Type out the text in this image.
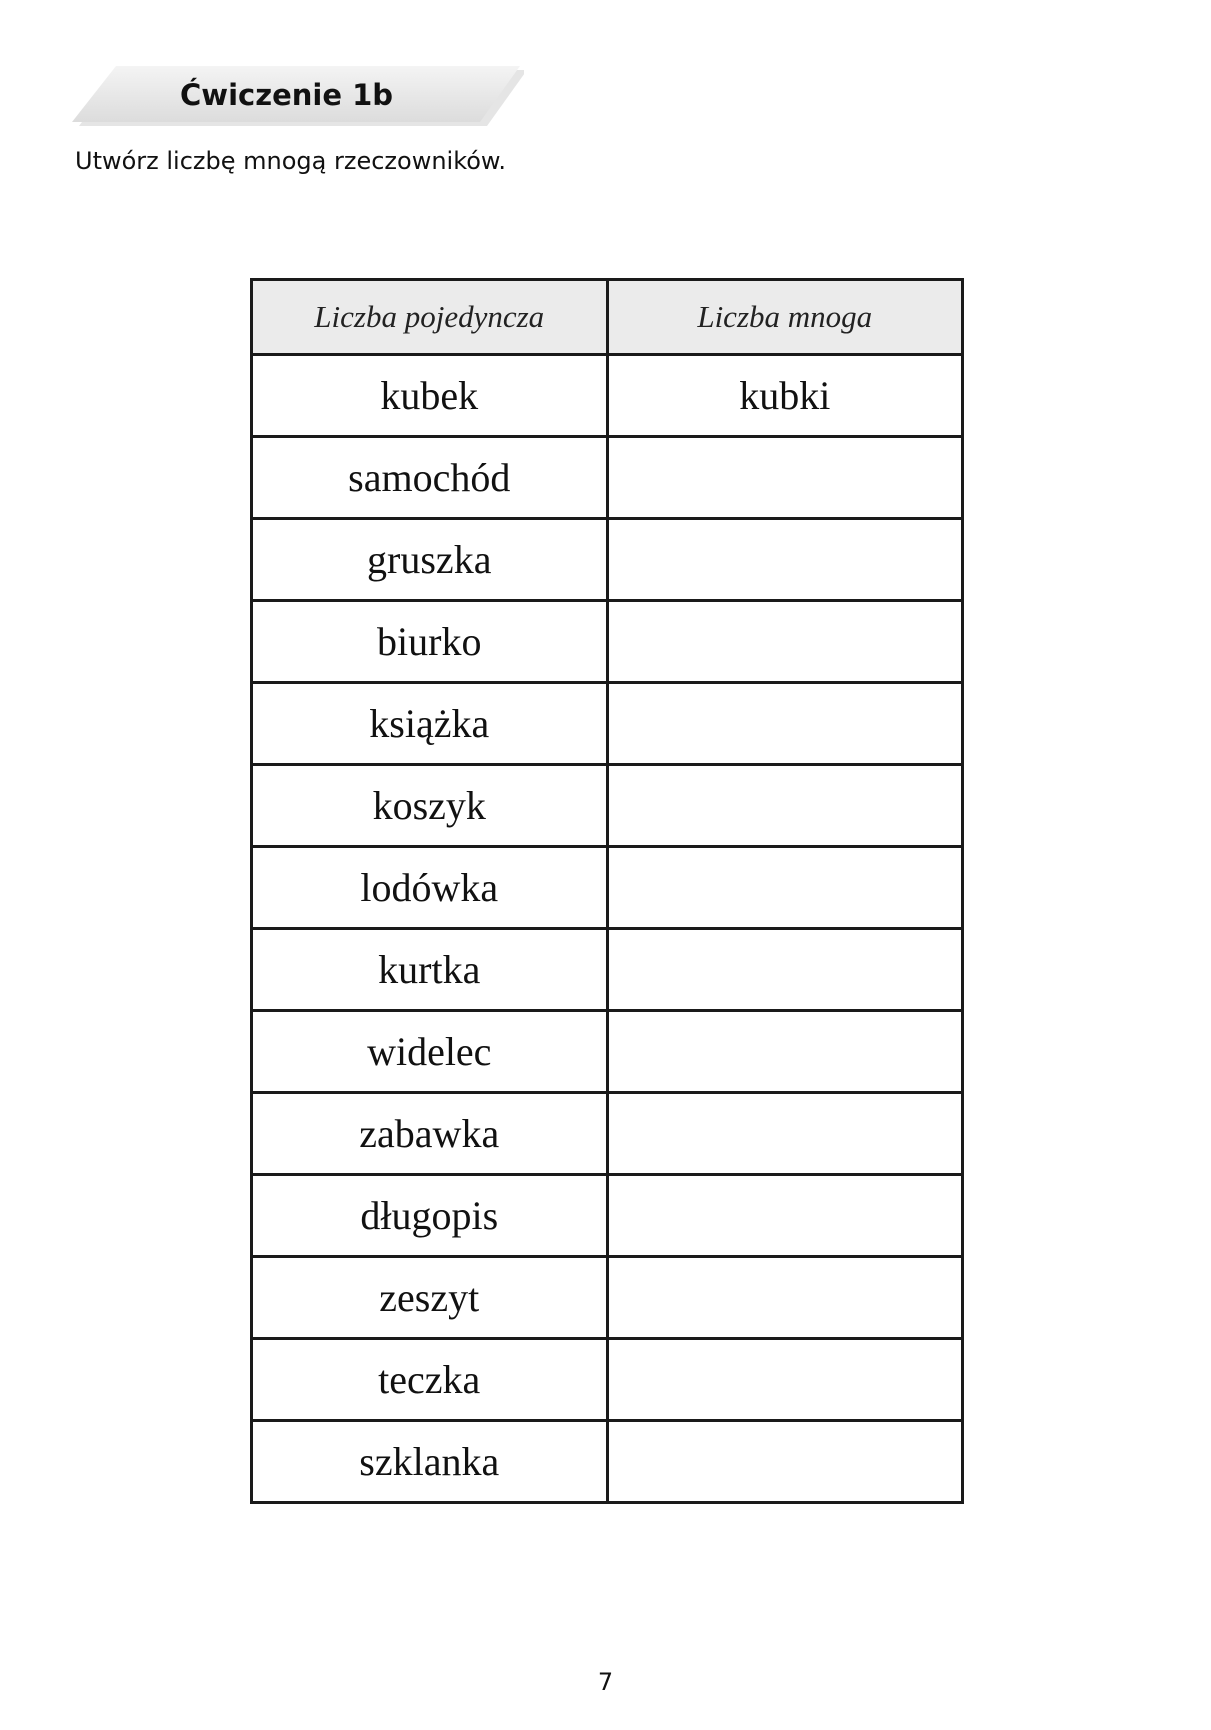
Ćwiczenie 1b
Utwórz liczbę mnogą rzeczowników.
Liczba pojedyncza	Liczba mnoga
kubek	kubki
samochód	
gruszka	
biurko	
książka	
koszyk	
lodówka	
kurtka	
widelec	
zabawka	
długopis	
zeszyt	
teczka	
szklanka	
7
